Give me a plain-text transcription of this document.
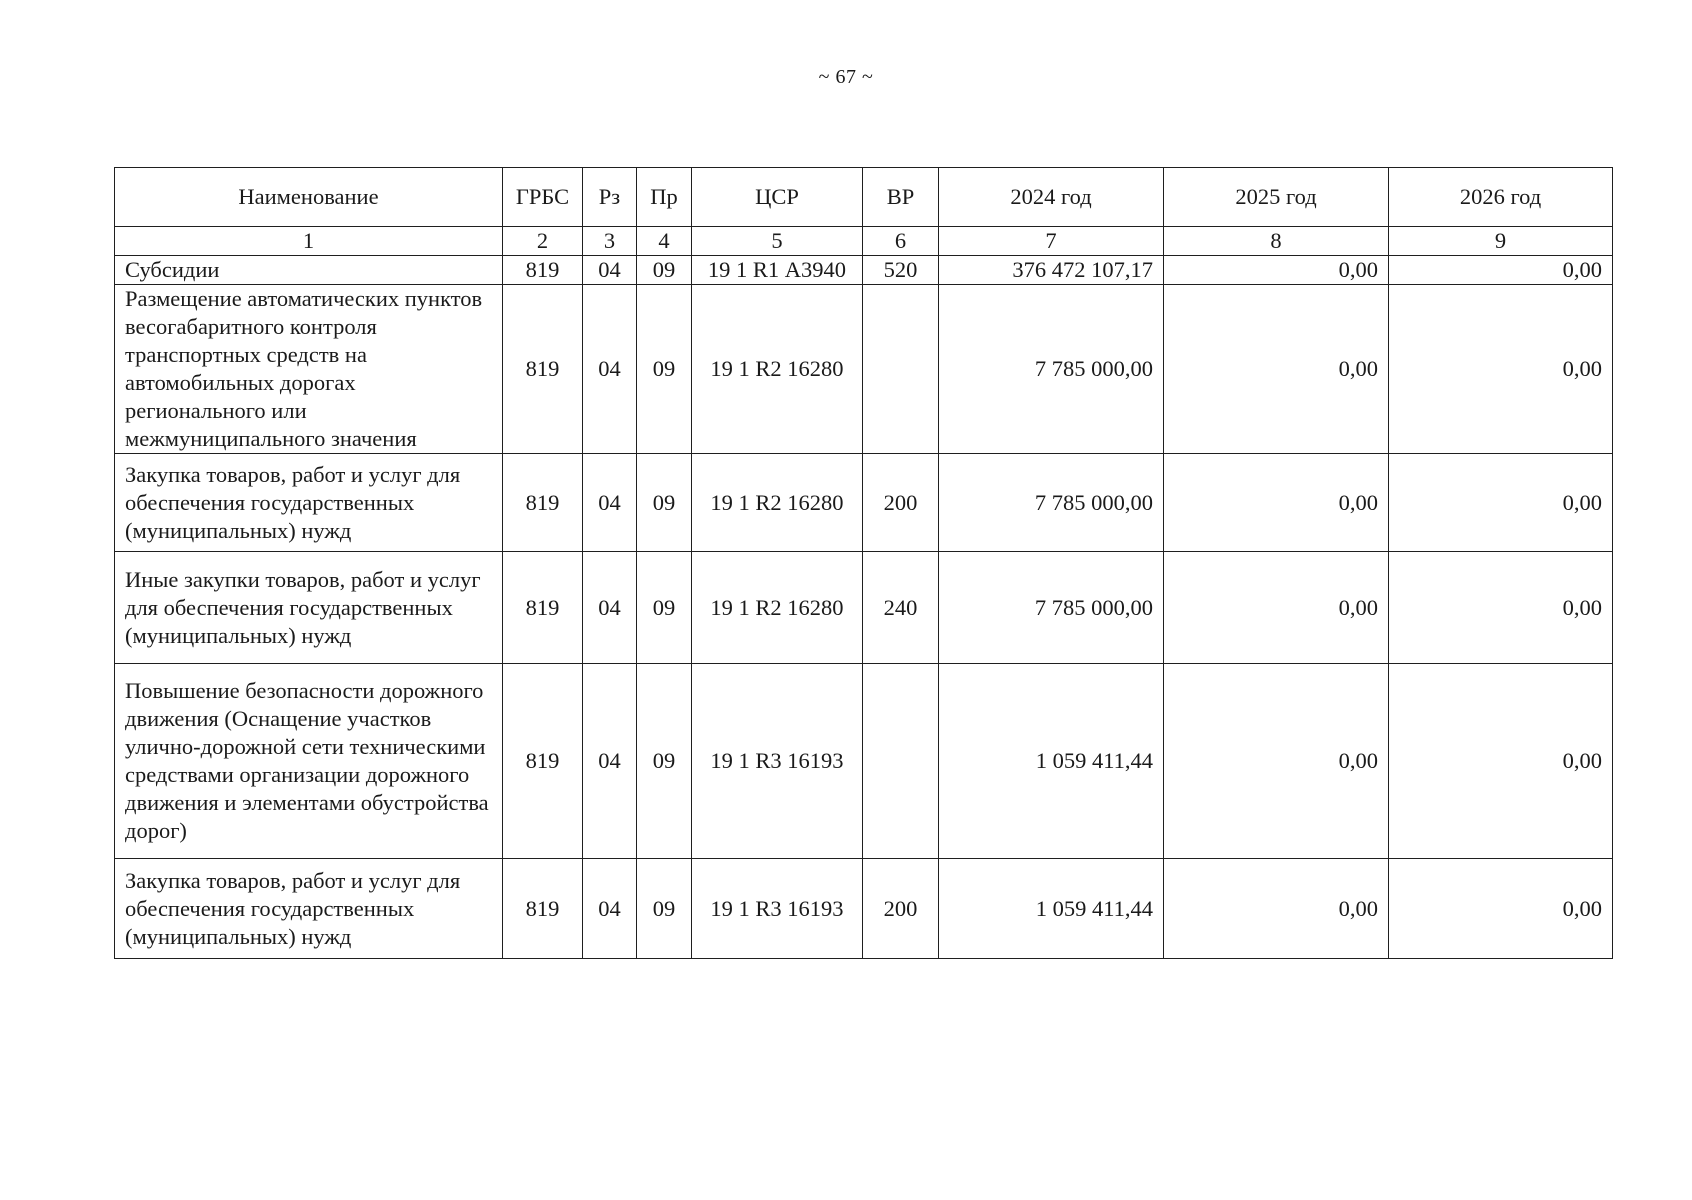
~ 67 ~
Наименование	ГРБС	Рз	Пр	ЦСР	ВР	2024 год	2025 год	2026 год
1	2	3	4	5	6	7	8	9
Субсидии	819	04	09	19 1 R1 А3940	520	376 472 107,17	0,00	0,00
Размещение автоматических пунктов весогабаритного контроля транспортных средств на автомобильных дорогах регионального или межмуниципального значения	819	04	09	19 1 R2 16280		7 785 000,00	0,00	0,00
Закупка товаров, работ и услуг для обеспечения государственных (муниципальных) нужд	819	04	09	19 1 R2 16280	200	7 785 000,00	0,00	0,00
Иные закупки товаров, работ и услуг для обеспечения государственных (муниципальных) нужд	819	04	09	19 1 R2 16280	240	7 785 000,00	0,00	0,00
Повышение безопасности дорожного движения (Оснащение участков улично-дорожной сети техническими средствами организации дорожного движения и элементами обустройства дорог)	819	04	09	19 1 R3 16193		1 059 411,44	0,00	0,00
Закупка товаров, работ и услуг для обеспечения государственных (муниципальных) нужд	819	04	09	19 1 R3 16193	200	1 059 411,44	0,00	0,00
